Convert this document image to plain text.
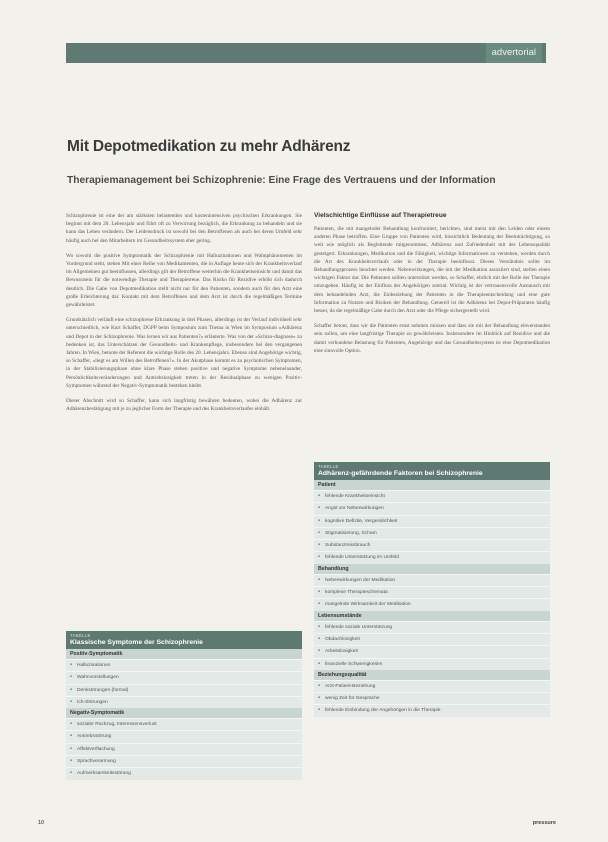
advertorial
Mit Depotmedikation zu mehr Adhärenz
Therapiemanagement bei Schizophrenie: Eine Frage des Vertrauens und der Information

Schizophrenie ist eine der am stärksten belastenden und kostenintensiven psychischen Erkrankungen. Sie beginnt mit dem 20. Lebensjahr und führt oft zu Verwirrung bezüglich, die Erkrankung zu behandeln und sie kann das Leben verändern. Der Leidensdruck ist sowohl bei den Betroffenen als auch bei deren Umfeld sehr häufig auch bei den Mitarbeitern im Gesundheitssystem eher gering.

Wo sowohl die positive Symptomatik der Schizophrenie mit Halluzinationen und Wahnphänomenen im Vordergrund steht, stehen Mit einer Reihe von Medikamenten, die in Auflage heute sich der Krankheitsverlauf im Allgemeinen gut beeinflussen, allerdings gilt der Betroffene weiterhin die Krankheitseinsicht und damit das Bewusstsein für die notwendige Therapie und Therapietreue. Das Risiko für Rezidive erhöht sich dadurch deutlich. Die Gabe von Depotmedikation stellt nicht nur für den Patienten, sondern auch für den Arzt eine große Erleichterung dar. Kontakt mit dem Betroffenen und dem Arzt ist durch die regelmäßigen Termine gewährleistet.

Grundsätzlich verläuft eine schizophrene Erkrankung in drei Phasen, allerdings ist der Verlauf individuell sehr unterschiedlich, wie Kurt Schaffer, DGPP beim Symposium zum Thema in Wien im Symposium »Adhärenz und Depot in der Schizophrenie. Was lernen wir aus Patienten?« erläuterte. Was von der »Schizo-diagnose« zu bedenken ist, das Unterschätzen der Gesundheits- und Krankenpflege, insbesondere bei den vergangenen Jahren. In Wien, betonte der Referent die wichtige Rolle des 20. Lebensjahrs. Ebenso sind Angehörige wichtig, so Schaffer, »liegt es am Willen des Betroffenen?«. In der Akutphase kommt es zu psychotischen Symptomen, in der Stabilisierungsphase ohne klare Phase stehen positive und negative Symptome nebeneinander, Persönlichkeitsveränderungen und Antriebslosigkeit treten in der Residualphase zu wenigen Positiv-Symptomen während der Negativ-Symptomatik bestehen bleibt.

Dieser Abschnitt wird so Schaffer, kann sich langfristig bewähren bedeuten, wobei die Adhärenz zur Adhärenzbestätigung mit je zu jeglicher Form der Therapie und des Krankheitsverlaufes einhält.

Vielschichtige Einflüsse auf Therapietreue

Patienten, die mit mangelnder Behandlung konfrontiert, berichten, sind meist mit den Leiden oder einem anderen Phase betroffen. Eine Gruppe von Patienten wird, hinsichtlich Bedeutung der Beeinträchtigung, so weit wie möglich als Begleitende mitgenommen, Adhärenz und Zufriedenheit mit der Lebensqualität gesteigert. Erkrankungen, Medikation und die Fähigkeit, wichtige Informationen zu verstehen, werden durch die Art des Krankheitsverlaufs oder in der Therapie beeinflusst. Dieses Verständnis sollte im Behandlungsprozess beachtet werden. Nebenwirkungen, die mit der Medikation assoziiert sind, stellen einen wichtigen Faktor dar. Die Patienten sollten unterstützt werden, so Schaffer, ehrlich mit der Rolle der Therapie umzugehen. Häufig ist der Einfluss der Angehörigen zentral. Wichtig ist der vertrauensvolle Austausch mit dem behandelnden Arzt, die Einbeziehung der Patienten in die Therapieentscheidung und eine gute Information zu Nutzen und Risiken der Behandlung. Generell ist die Adhärenz bei Depot-Präparaten häufig besser, da die regelmäßige Gabe durch den Arzt oder die Pflege sichergestellt wird.

Schaffer betont, dass wir die Patienten ernst nehmen müssen und dass sie mit der Behandlung einverstanden sein sollen, um eine langfristige Therapie zu gewährleisten. Insbesondere im Hinblick auf Rezidive und die damit verbundene Belastung für Patienten, Angehörige und das Gesundheitssystem ist eine Depotmedikation eine sinnvolle Option.

TABELLE
Klassische Symptome der Schizophrenie
Positiv-Symptomatik
▪ Halluzinationen
▪ Wahnvorstellungen
▪ Denkstörungen (formal)
▪ Ich-Störungen
Negativ-Symptomatik
▪ sozialer Rückzug, Interessensverlust
▪ Antriebsstörung
▪ Affektverflachung
▪ Sprachverarmung
▪ Aufmerksamkeitsstörung
TABELLE
Adhärenz-gefährdende Faktoren bei Schizophrenie
Patient
▪ fehlende Krankheitseinsicht
▪ Angst vor Nebenwirkungen
▪ kognitive Defizite, Vergesslichkeit
▪ Stigmatisierung, Scham
▪ Substanzmissbrauch
▪ fehlende Unterstützung im Umfeld
Behandlung
▪ Nebenwirkungen der Medikation
▪ komplexe Therapieschemata
▪ mangelnde Wirksamkeit der Medikation
Lebensumstände
▪ fehlende soziale Unterstützung
▪ Obdachlosigkeit
▪ Arbeitslosigkeit
▪ finanzielle Schwierigkeiten
Beziehungsqualität
▪ Arzt-Patient-Beziehung
▪ wenig Zeit für Gespräche
▪ fehlende Einbindung der Angehörigen in die Therapie
10	pressure
